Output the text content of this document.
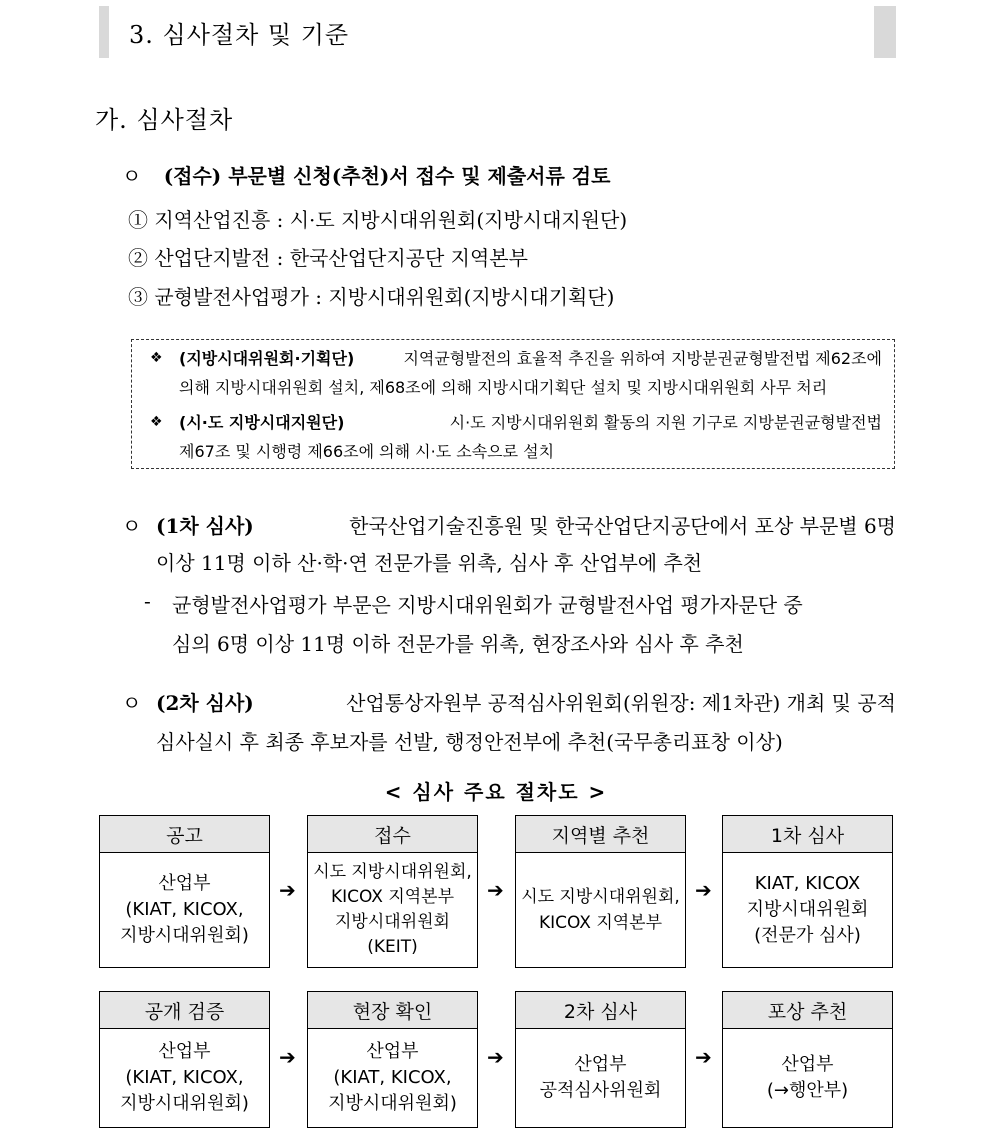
3. 심사절차 및 기준
가. 심사절차
ㅇ (접수) 부문별 신청(추천)서 접수 및 제출서류 검토
① 지역산업진흥 : 시·도 지방시대위원회(지방시대지원단)
② 산업단지발전 : 한국산업단지공단 지역본부
③ 균형발전사업평가 : 지방시대위원회(지방시대기획단)
❖ (지방시대위원회·기획단)	지역균형발전의 효율적 추진을 위하여 지방분권균형발전법 제62조에
의해 지방시대위원회 설치, 제68조에 의해 지방시대기획단 설치 및 지방시대위원회 사무 처리
❖ (시·도 지방시대지원단)	시·도 지방시대위원회 활동의 지원 기구로 지방분권균형발전법
제67조 및 시행령 제66조에 의해 시·도 소속으로 설치
ㅇ (1차 심사)	한국산업기술진흥원 및 한국산업단지공단에서 포상 부문별 6명
이상 11명 이하 산·학·연 전문가를 위촉, 심사 후 산업부에 추천
- 균형발전사업평가 부문은 지방시대위원회가 균형발전사업 평가자문단 중
심의 6명 이상 11명 이하 전문가를 위촉, 현장조사와 심사 후 추천
ㅇ (2차 심사)	산업통상자원부 공적심사위원회(위원장: 제1차관) 개최 및 공적
심사실시 후 최종 후보자를 선발, 행정안전부에 추천(국무총리표창 이상)
< 심사 주요 절차도 >
공고
산업부
(KIAT, KICOX,
지방시대위원회)
➔
접수
시도 지방시대위원회,
KICOX 지역본부
지방시대위원회
(KEIT)
➔
지역별 추천
시도 지방시대위원회,
KICOX 지역본부
➔
1차 심사
KIAT, KICOX
지방시대위원회
(전문가 심사)
공개 검증
산업부
(KIAT, KICOX,
지방시대위원회)
➔
현장 확인
산업부
(KIAT, KICOX,
지방시대위원회)
➔
2차 심사
산업부
공적심사위원회
➔
포상 추천
산업부
(→행안부)
